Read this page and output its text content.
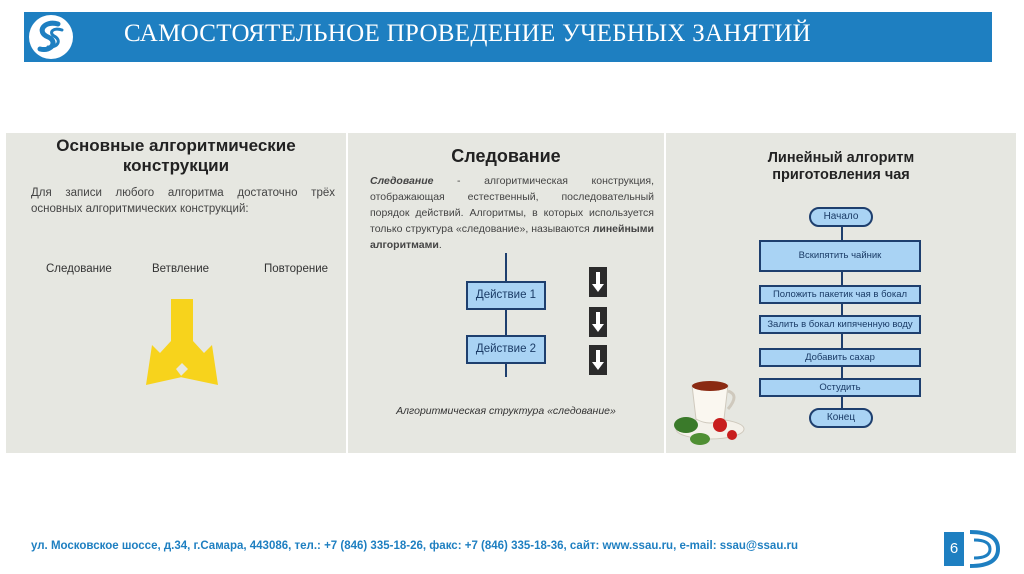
САМОСТОЯТЕЛЬНОЕ ПРОВЕДЕНИЕ УЧЕБНЫХ ЗАНЯТИЙ
Основные алгоритмические
конструкции
Для записи любого алгоритма достаточно трёх основных алгоритмических конструкций:
Следование	Ветвление	Повторение
Следование
Следование - алгоритмическая конструкция, отображающая естественный, последовательный порядок действий. Алгоритмы, в которых используется только структура «следование», называются линейными алгоритмами.
Действие 1
Действие 2
Алгоритмическая структура «следование»
Линейный алгоритм
приготовления чая
Начало
Вскипятить чайник
Положить пакетик чая в бокал
Залить в бокал кипяченную воду
Добавить сахар
Остудить
Конец
ул. Московское шоссе, д.34, г.Самара, 443086, тел.: +7 (846) 335-18-26, факс: +7 (846) 335-18-36, сайт: www.ssau.ru, e-mail: ssau@ssau.ru	6
